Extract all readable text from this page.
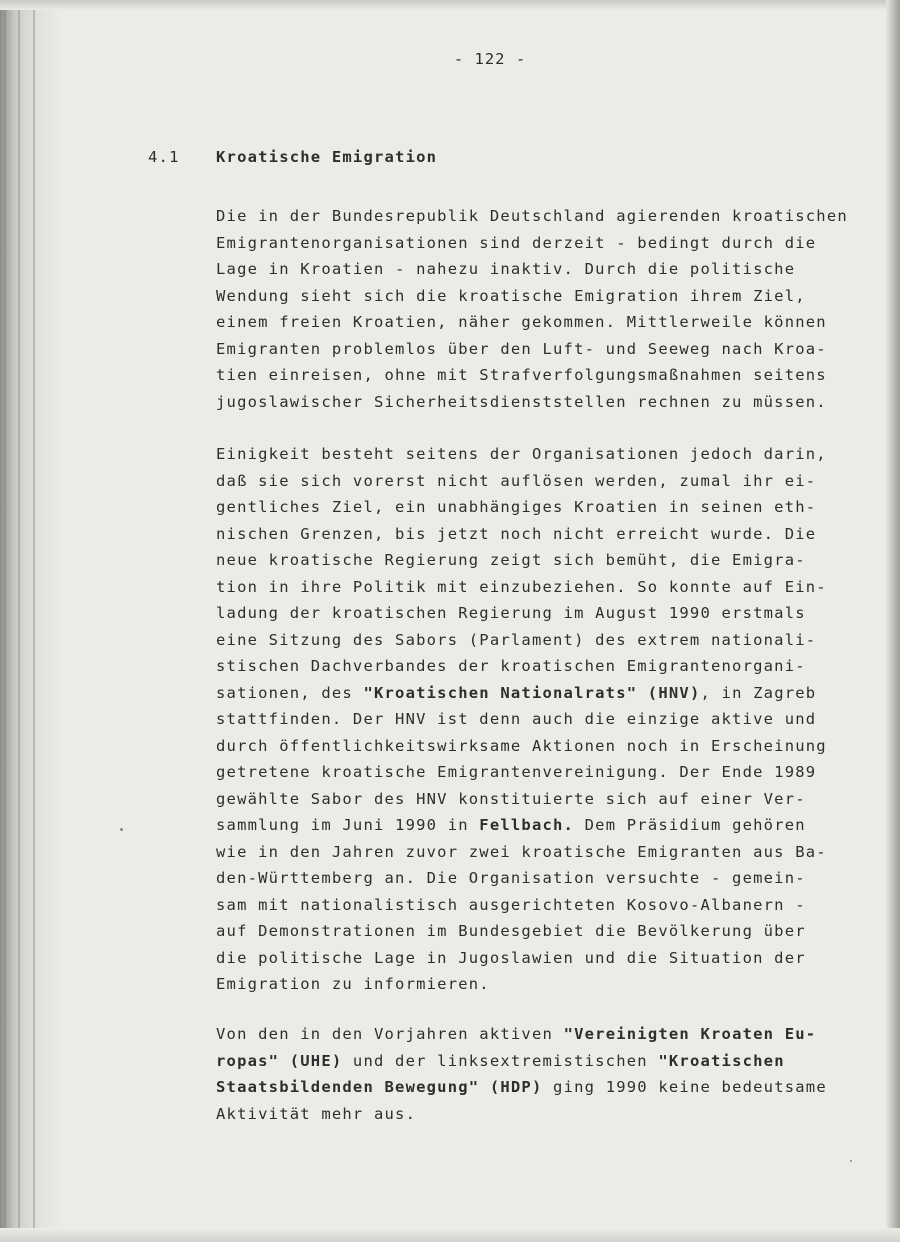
- 122 -
4.1 Kroatische Emigration
Die in der Bundesrepublik Deutschland agierenden kroatischen
Emigrantenorganisationen sind derzeit - bedingt durch die
Lage in Kroatien - nahezu inaktiv. Durch die politische
Wendung sieht sich die kroatische Emigration ihrem Ziel,
einem freien Kroatien, näher gekommen. Mittlerweile können
Emigranten problemlos über den Luft- und Seeweg nach Kroa-
tien einreisen, ohne mit Strafverfolgungsmaßnahmen seitens
jugoslawischer Sicherheitsdienststellen rechnen zu müssen.
Einigkeit besteht seitens der Organisationen jedoch darin,
daß sie sich vorerst nicht auflösen werden, zumal ihr ei-
gentliches Ziel, ein unabhängiges Kroatien in seinen eth-
nischen Grenzen, bis jetzt noch nicht erreicht wurde. Die
neue kroatische Regierung zeigt sich bemüht, die Emigra-
tion in ihre Politik mit einzubeziehen. So konnte auf Ein-
ladung der kroatischen Regierung im August 1990 erstmals
eine Sitzung des Sabors (Parlament) des extrem nationali-
stischen Dachverbandes der kroatischen Emigrantenorgani-
sationen, des "Kroatischen Nationalrats" (HNV), in Zagreb
stattfinden. Der HNV ist denn auch die einzige aktive und
durch öffentlichkeitswirksame Aktionen noch in Erscheinung
getretene kroatische Emigrantenvereinigung. Der Ende 1989
gewählte Sabor des HNV konstituierte sich auf einer Ver-
sammlung im Juni 1990 in Fellbach. Dem Präsidium gehören
wie in den Jahren zuvor zwei kroatische Emigranten aus Ba-
den-Württemberg an. Die Organisation versuchte - gemein-
sam mit nationalistisch ausgerichteten Kosovo-Albanern -
auf Demonstrationen im Bundesgebiet die Bevölkerung über
die politische Lage in Jugoslawien und die Situation der
Emigration zu informieren.
Von den in den Vorjahren aktiven "Vereinigten Kroaten Eu-
ropas" (UHE) und der linksextremistischen "Kroatischen
Staatsbildenden Bewegung" (HDP) ging 1990 keine bedeutsame
Aktivität mehr aus.
